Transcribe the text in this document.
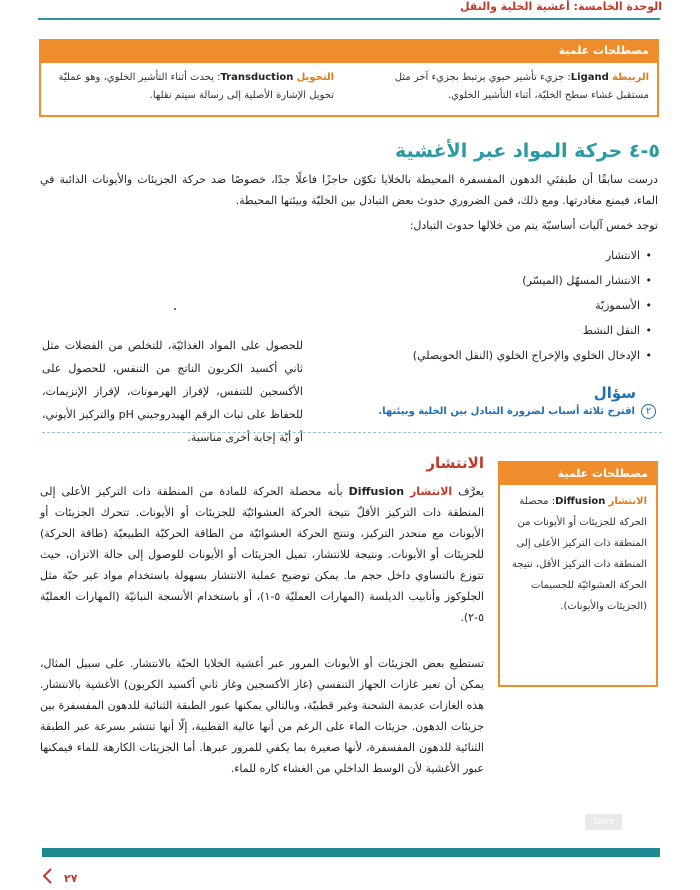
الوحدة الخامسة: أغشية الخلية والنقل
مصطلحات علمية
الربيطة Ligand: جزيء تأشير حيوي يرتبط بجزيء آخر مثل مستقبل غشاء سطح الخليّة، أثناء التأشير الخلوي.
التحويل Transduction: يحدث أثناء التأشير الخلوي، وهو عمليّة تحويل الإشارة الأصلية إلى رسالة سيتم نقلها.
٥-٤ حركة المواد عبر الأغشية
درست سابقًا أن طبقتَي الدهون المفسفرة المحيطة بالخلايا تكوّن حاجزًا فاعلًا جدًا، خصوصًا ضد حركة الجزيئات والأيونات الذائبة في الماء، فيمنع مغادرتها. ومع ذلك، فمن الضروري حدوث بعض التبادل بين الخليّة وبيئتها المحيطة.
توجد خمس آليات أساسيّة يتم من خلالها حدوث التبادل:
• الانتشار
• الانتشار المسهّل (الميسّر)
• الأسموزيّة
• النقل النشط
• الإدخال الخلوي والإخراج الخلوي (النقل الحويصلي)
للحصول على المواد الغذائيّة، للتخلص من الفضلات مثل ثاني أكسيد الكربون الناتج من التنفس، للحصول على الأكسجين للتنفس، لإفراز الهرمونات، لإفراز الإنزيمات، للحفاظ على ثبات الرقم الهيدروجيني pH والتركيز الأيوني، أو أيّة إجابة أخرى مناسبة.
سؤال
٢
اقترح ثلاثة أسباب لضرورة التبادل بين الخلية وبيئتها.
الانتشار
يعرَّف الانتشار Diffusion بأنه محصلة الحركة للمادة من المنطقة ذات التركيز الأعلى إلى المنطقة ذات التركيز الأقلّ نتيجة الحركة العشوائيّة للجزيئات أو الأيونات. تتحرك الجزيئات أو الأيونات مع منحدر التركيز، وتنتج الحركة العشوائيّة من الطاقة الحركيّة الطبيعيّة (طاقة الحركة) للجزيئات أو الأيونات. ونتيجة للانتشار، تميل الجزيئات أو الأيونات للوصول إلى حالة الاتزان، حيث تتوزع بالتساوي داخل حجم ما. يمكن توضيح عملية الانتشار بسهولة باستخدام مواد غير حيّة مثل الجلوكوز وأنابيب الديلسة (المهارات العمليّة ٥-١)، أو باستخدام الأنسجة النباتيّة (المهارات العمليّة ٥-٢).
تستطيع بعض الجزيئات أو الأيونات المرور عبر أغشية الخلايا الحيّة بالانتشار. على سبيل المثال، يمكن أن تعبر غازات الجهاز التنفسي (غاز الأكسجين وغاز ثاني أكسيد الكربون) الأغشية بالانتشار. هذه الغازات عديمة الشحنة وغير قطبيّة، وبالتالي يمكنها عبور الطبقة الثنائية للدهون المفسفرة بين جزيئات الدهون. جزيئات الماء على الرغم من أنها عالية القطبية، إلّا أنها تنتشر بسرعة عبر الطبقة الثنائية للدهون المفسفرة، لأنها صغيرة بما يكفي للمرور عبرها. أما الجزيئات الكارهة للماء فيمكنها عبور الأغشية لأن الوسط الداخلي من الغشاء كاره للماء.
مصطلحات علمية
الانتشار Diffusion: محصلة الحركة للجزيئات أو الأيونات من المنطقة ذات التركيز الأعلى إلى المنطقة ذات التركيز الأقل، نتيجة الحركة العشوائيّة للجسيمات (الجزيئات والأيونات).
Save
٢٧
